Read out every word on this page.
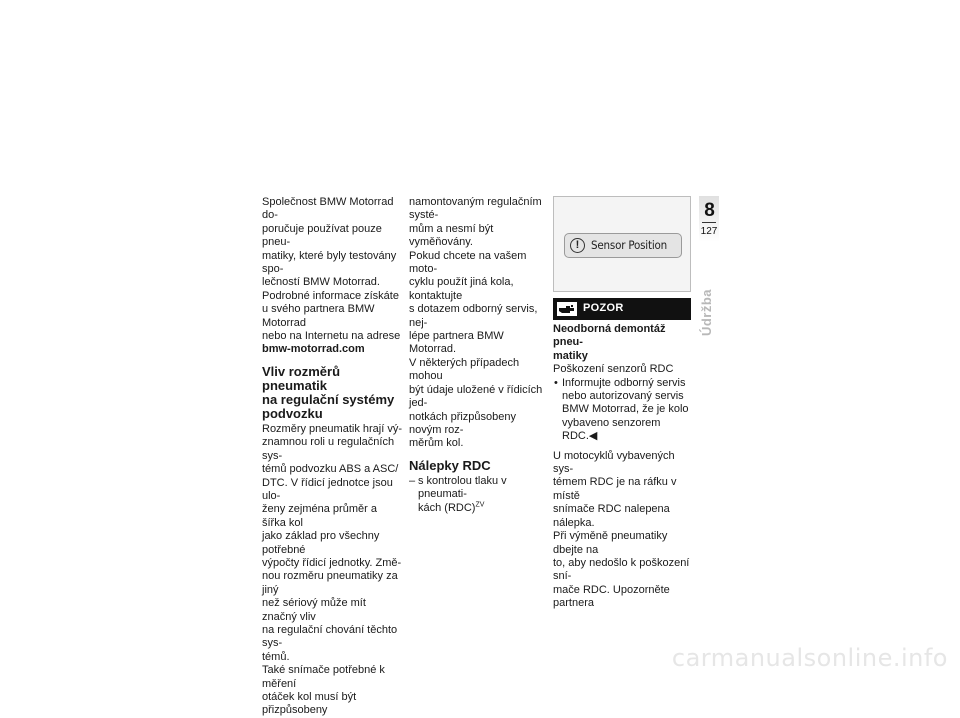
Společnost BMW Motorrad do-
poručuje používat pouze pneu-
matiky, které byly testovány spo-
lečností BMW Motorrad.

Podrobné informace získáte
u svého partnera BMW Motorrad
nebo na Internetu na adrese
bmw-motorrad.com

Vliv rozměrů pneumatik
na regulační systémy
podvozku

Rozměry pneumatik hrají vý-
znamnou roli u regulačních sys-
témů podvozku ABS a ASC/
DTC. V řídicí jednotce jsou ulo-
ženy zejména průměr a šířka kol
jako základ pro všechny potřebné
výpočty řídicí jednotky. Změ-
nou rozměru pneumatiky za jiný
než sériový může mít značný vliv
na regulační chování těchto sys-
témů.

Také snímače potřebné k měření
otáček kol musí být přizpůsobeny

namontovaným regulačním systé-
mům a nesmí být vyměňovány.

Pokud chcete na vašem moto-
cyklu použít jiná kola, kontaktujte
s dotazem odborný servis, nej-
lépe partnera BMW Motorrad.

V některých případech mohou
být údaje uložené v řídicích jed-
notkách přizpůsobeny novým roz-
měrům kol.

Nálepky RDC
– s kontrolou tlaku v pneumati-
kách (RDC)$^{ZV}$
!	Sensor Position
POZOR

Neodborná demontáž pneu-
matiky

Poškození senzorů RDC

• Informujte odborný servis
nebo autorizovaný servis
BMW Motorrad, že je kolo
vybaveno senzorem RDC.◀

U motocyklů vybavených sys-
témem RDC je na ráfku v místě
snímače RDC nalepena nálepka.
Při výměně pneumatiky dbejte na
to, aby nedošlo k poškození sní-
mače RDC. Upozorněte partnera

8
127
Údržba
carmanualsonline.info
